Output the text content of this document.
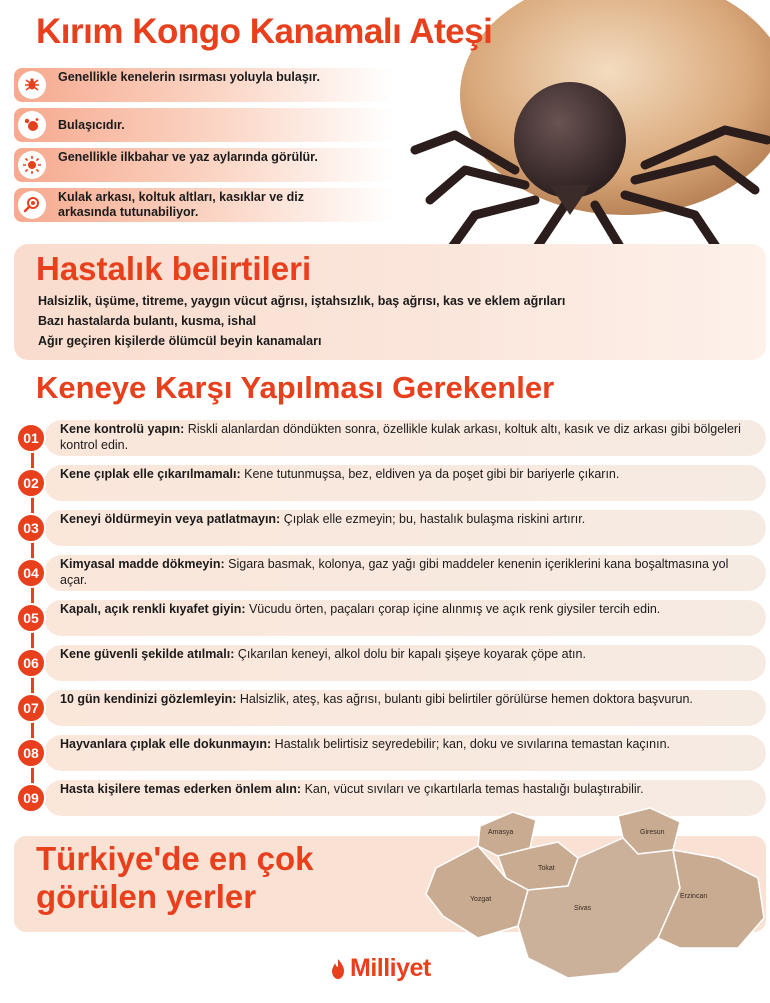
Kırım Kongo Kanamalı Ateşi
Genellikle kenelerin ısırması yoluyla bulaşır.
Bulaşıcıdır.
Genellikle ilkbahar ve yaz aylarında görülür.
Kulak arkası, koltuk altları, kasıklar ve diz arkasında tutunabiliyor.
Hastalık belirtileri
Halsizlik, üşüme, titreme, yaygın vücut ağrısı, iştahsızlık, baş ağrısı, kas ve eklem ağrıları
Bazı hastalarda bulantı, kusma, ishal
Ağır geçiren kişilerde ölümcül beyin kanamaları
Keneye Karşı Yapılması Gerekenler
01
Kene kontrolü yapın: Riskli alanlardan döndükten sonra, özellikle kulak arkası, koltuk altı, kasık ve diz arkası gibi bölgeleri kontrol edin.
02
Kene çıplak elle çıkarılmamalı: Kene tutunmuşsa, bez, eldiven ya da poşet gibi bir bariyerle çıkarın.
03
Keneyi öldürmeyin veya patlatmayın: Çıplak elle ezmeyin; bu, hastalık bulaşma riskini artırır.
04
Kimyasal madde dökmeyin: Sigara basmak, kolonya, gaz yağı gibi maddeler kenenin içeriklerini kana boşaltmasına yol açar.
05
Kapalı, açık renkli kıyafet giyin: Vücudu örten, paçaları çorap içine alınmış ve açık renk giysiler tercih edin.
06
Kene güvenli şekilde atılmalı: Çıkarılan keneyi, alkol dolu bir kapalı şişeye koyarak çöpe atın.
07
10 gün kendinizi gözlemleyin: Halsizlik, ateş, kas ağrısı, bulantı gibi belirtiler görülürse hemen doktora başvurun.
08
Hayvanlara çıplak elle dokunmayın: Hastalık belirtisiz seyredebilir; kan, doku ve sıvılarına temastan kaçının.
09
Hasta kişilere temas ederken önlem alın: Kan, vücut sıvıları ve çıkartılarla temas hastalığı bulaştırabilir.
Türkiye'de en çok
görülen yerler
Amasya
Tokat
Giresun
Yozgat
Sivas
Erzincan
Milliyet
